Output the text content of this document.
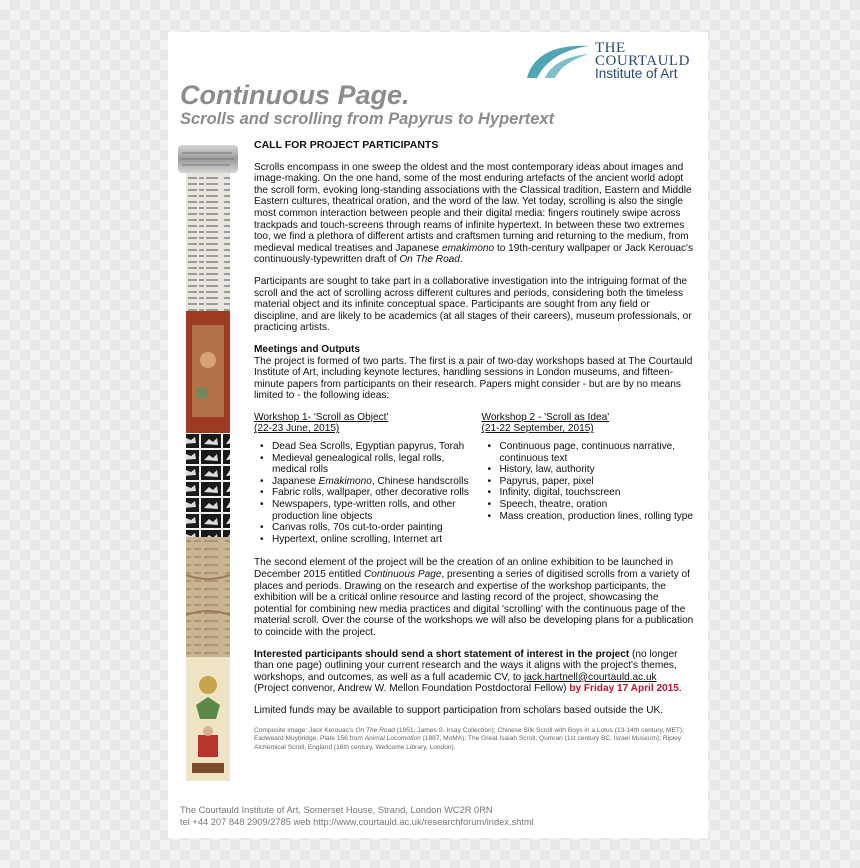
THE
COURTAULD
Institute of Art
Continuous Page.
Scrolls and scrolling from Papyrus to Hypertext
CALL FOR PROJECT PARTICIPANTS

Scrolls encompass in one sweep the oldest and the most contemporary ideas about images and image-making. On the one hand, some of the most enduring artefacts of the ancient world adopt the scroll form, evoking long-standing associations with the Classical tradition, Eastern and Middle Eastern cultures, theatrical oration, and the word of the law. Yet today, scrolling is also the single most common interaction between people and their digital media: fingers routinely swipe across trackpads and touch-screens through reams of infinite hypertext. In between these two extremes too, we find a plethora of different artists and craftsmen turning and returning to the medium, from medieval medical treatises and Japanese emakimono to 19th-century wallpaper or Jack Kerouac's continuously-typewritten draft of On The Road.

Participants are sought to take part in a collaborative investigation into the intriguing format of the scroll and the act of scrolling across different cultures and periods, considering both the timeless material object and its infinite conceptual space. Participants are sought from any field or discipline, and are likely to be academics (at all stages of their careers), museum professionals, or practicing artists.

Meetings and Outputs

The project is formed of two parts. The first is a pair of two-day workshops based at The Courtauld Institute of Art, including keynote lectures, handling sessions in London museums, and fifteen-minute papers from participants on their research. Papers might consider - but are by no means limited to - the following ideas:

Workshop 1- 'Scroll as Object'
(22-23 June, 2015)
• Dead Sea Scrolls, Egyptian papyrus, Torah
• Medieval genealogical rolls, legal rolls, medical rolls
• Japanese Emakimono, Chinese handscrolls
• Fabric rolls, wallpaper, other decorative rolls
• Newspapers, type-written rolls, and other production line objects
• Canvas rolls, 70s cut-to-order painting
• Hypertext, online scrolling, Internet art
Workshop 2 - 'Scroll as Idea'
(21-22 September, 2015)
• Continuous page, continuous narrative, continuous text
• History, law, authority
• Papyrus, paper, pixel
• Infinity, digital, touchscreen
• Speech, theatre, oration
• Mass creation, production lines, rolling type

The second element of the project will be the creation of an online exhibition to be launched in December 2015 entitled Continuous Page, presenting a series of digitised scrolls from a variety of places and periods. Drawing on the research and expertise of the workshop participants, the exhibition will be a critical online resource and lasting record of the project, showcasing the potential for combining new media practices and digital 'scrolling' with the continuous page of the material scroll. Over the course of the workshops we will also be developing plans for a publication to coincide with the project.

Interested participants should send a short statement of interest in the project (no longer than one page) outlining your current research and the ways it aligns with the project's themes, workshops, and outcomes, as well as a full academic CV, to jack.hartnell@courtauld.ac.uk (Project convenor, Andrew W. Mellon Foundation Postdoctoral Fellow) by Friday 17 April 2015.

Limited funds may be available to support participation from scholars based outside the UK.

Composite image: Jack Kerouac's On The Road (1951, James S. Irsay Collection); Chinese Silk Scroll with Boys in a Lotus (13-14th century, MET); Eadweard Muybridge, Plate 156 from Animal Locomotion (1887, MoMA); The Great Isaiah Scroll, Qumran (1st century BC, Israel Museum); Ripley Alchemical Scroll, England (16th century, Wellcome Library, London).
The Courtauld Institute of Art, Somerset House, Strand, London WC2R 0RN
tel +44 207 848 2909/2785 web http://www.courtauld.ac.uk/researchforum/index.shtml
